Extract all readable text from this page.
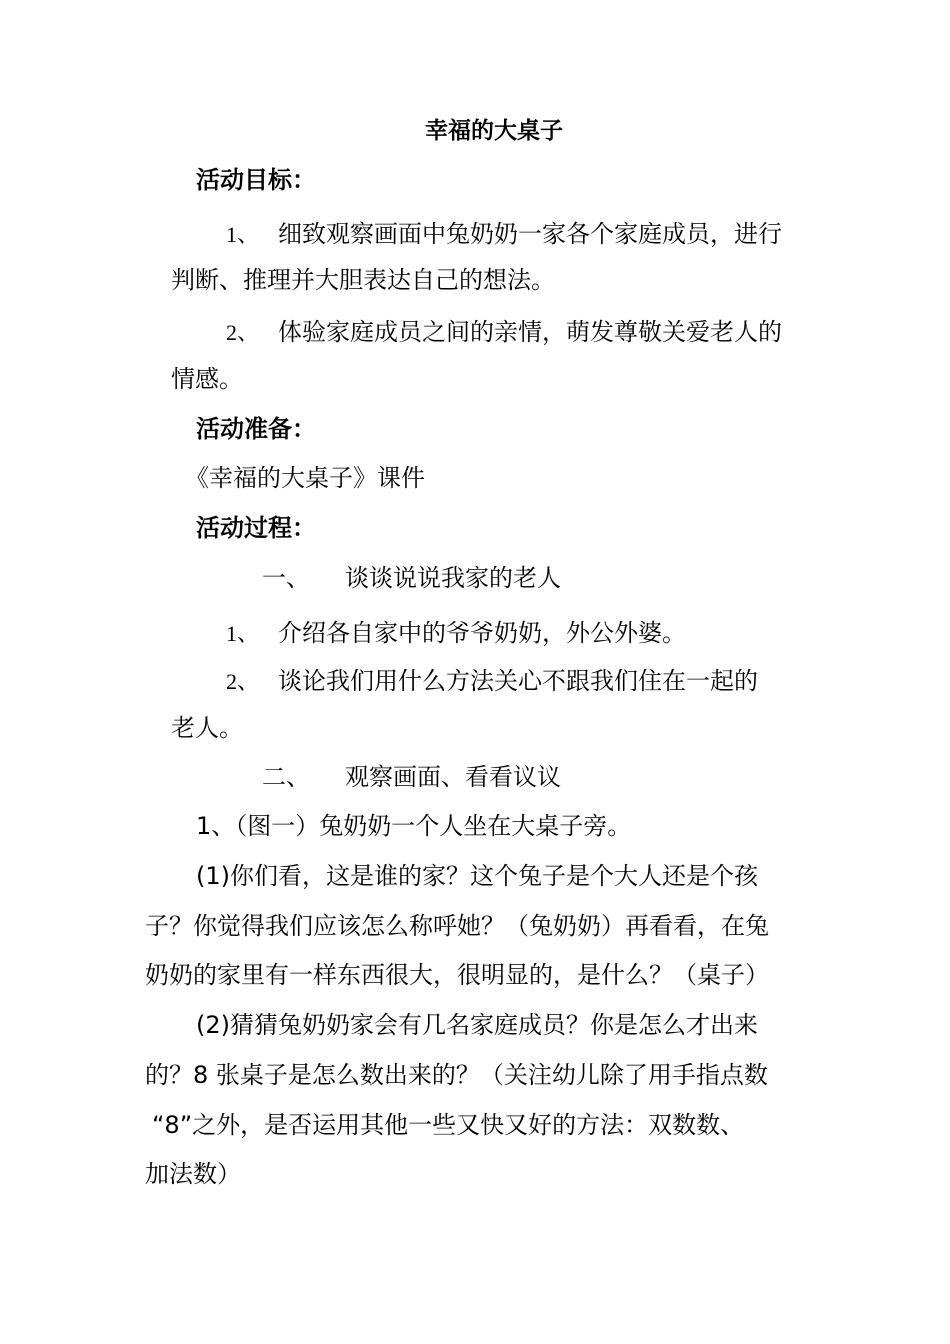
幸福的大桌子
活动目标：
1、 细致观察画面中兔奶奶一家各个家庭成员，进行
判断、推理并大胆表达自己的想法。
2、 体验家庭成员之间的亲情，萌发尊敬关爱老人的
情感。
活动准备：
《幸福的大桌子》课件
活动过程：
一、 谈谈说说我家的老人
1、 介绍各自家中的爷爷奶奶，外公外婆。
2、 谈论我们用什么方法关心不跟我们住在一起的
老人。
二、 观察画面、看看议议
1、（图一）兔奶奶一个人坐在大桌子旁。
(1)你们看，这是谁的家？这个兔子是个大人还是个孩
子？你觉得我们应该怎么称呼她？（兔奶奶）再看看，在兔
奶奶的家里有一样东西很大，很明显的，是什么？（桌子）
(2)猜猜兔奶奶家会有几名家庭成员？你是怎么才出来
的？8 张桌子是怎么数出来的？（关注幼儿除了用手指点数
“8”之外，是否运用其他一些又快又好的方法：双数数、
加法数）
